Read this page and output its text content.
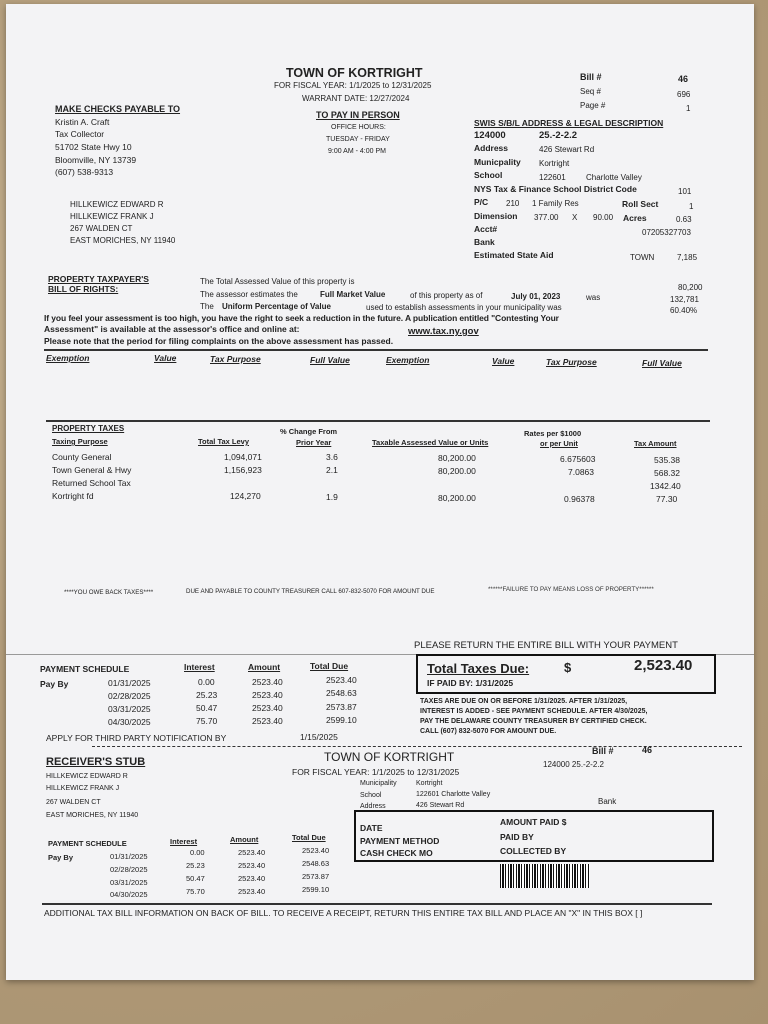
TOWN OF KORTRIGHT
FOR FISCAL YEAR: 1/1/2025 to 12/31/2025
WARRANT DATE: 12/27/2024
Bill #	46
Seq #	696
Page #	1
MAKE CHECKS PAYABLE TO
Kristin A. Craft
Tax Collector
51702 State Hwy 10
Bloomville, NY 13739
(607) 538-9313
TO PAY IN PERSON
OFFICE HOURS:
TUESDAY - FRIDAY
9:00 AM - 4:00 PM
HILLKEWICZ EDWARD R
HILLKEWICZ FRANK J
267 WALDEN CT
EAST MORICHES, NY 11940
SWIS S/B/L ADDRESS & LEGAL DESCRIPTION
124000	25.-2-2.2
Address	426 Stewart Rd
Municpality Kortright
School	122601	Charlotte Valley
NYS Tax & Finance School District Code	101
P/C 210 1 Family Res	Roll Sect	1
Dimension 377.00 X 90.00 Acres	0.63
Acct#	07205327703
Bank
Estimated State Aid	TOWN	7,185
PROPERTY TAXPAYER'S
BILL OF RIGHTS:
The Total Assessed Value of this property is
80,200
The assessor estimates the	Full Market Value	of this property as of	July 01, 2023	was	132,781
The Uniform Percentage of Value	used to establish assessments in your municipality was	60.40%
If you feel your assessment is too high, you have the right to seek a reduction in the future. A publication entitled "Contesting Your
Assessment" is available at the assessor's office and online at:	www.tax.ny.gov
Please note that the period for filing complaints on the above assessment has passed.
Exemption	Value	Tax Purpose	Full Value	Exemption	Value	Tax Purpose	Full Value
PROPERTY TAXES
Taxing Purpose	Total Tax Levy
% Change From
Prior Year	Taxable Assessed Value or Units
Rates per $1000
or per Unit	Tax Amount
County General	1,094,071	3.6	80,200.00	6.675603	535.38
Town General & Hwy	1,156,923	2.1	80,200.00	7.0863	568.32
Returned School Tax	1342.40
Kortright fd	124,270	1.9	80,200.00	0.96378	77.30
****YOU OWE BACK TAXES****	DUE AND PAYABLE TO COUNTY TREASURER CALL 607-832-5070 FOR AMOUNT DUE	******FAILURE TO PAY MEANS LOSS OF PROPERTY******
PLEASE RETURN THE ENTIRE BILL WITH YOUR PAYMENT
PAYMENT SCHEDULE	Interest	Amount	Total Due
Pay By	01/31/2025	0.00	2523.40	2523.40
02/28/2025	25.23	2523.40	2548.63
03/31/2025	50.47	2523.40	2573.87
04/30/2025	75.70	2523.40	2599.10
APPLY FOR THIRD PARTY NOTIFICATION BY	1/15/2025
Total Taxes Due:	$	2,523.40
IF PAID BY: 1/31/2025
TAXES ARE DUE ON OR BEFORE 1/31/2025. AFTER 1/31/2025,
INTEREST IS ADDED - SEE PAYMENT SCHEDULE. AFTER 4/30/2025,
PAY THE DELAWARE COUNTY TREASURER BY CERTIFIED CHECK.
CALL (607) 832-5070 FOR AMOUNT DUE.
RECEIVER'S STUB	TOWN OF KORTRIGHT
FOR FISCAL YEAR: 1/1/2025 to 12/31/2025
Bill #	46
124000 25.-2-2.2
HILLKEWICZ EDWARD R
HILLKEWICZ FRANK J
267 WALDEN CT
EAST MORICHES, NY 11940
Municipality	Kortright
School	122601 Charlotte Valley
Address	426 Stewart Rd	Bank
DATE
AMOUNT PAID $
PAYMENT METHOD
CASH CHECK MO
PAID BY
COLLECTED BY
PAYMENT SCHEDULE	Interest	Amount	Total Due
Pay By	01/31/2025	0.00	2523.40	2523.40
02/28/2025	25.23	2523.40	2548.63
03/31/2025	50.47	2523.40	2573.87
04/30/2025	75.70	2523.40	2599.10
ADDITIONAL TAX BILL INFORMATION ON BACK OF BILL. TO RECEIVE A RECEIPT, RETURN THIS ENTIRE TAX BILL AND PLACE AN "X" IN THIS BOX [ ]
